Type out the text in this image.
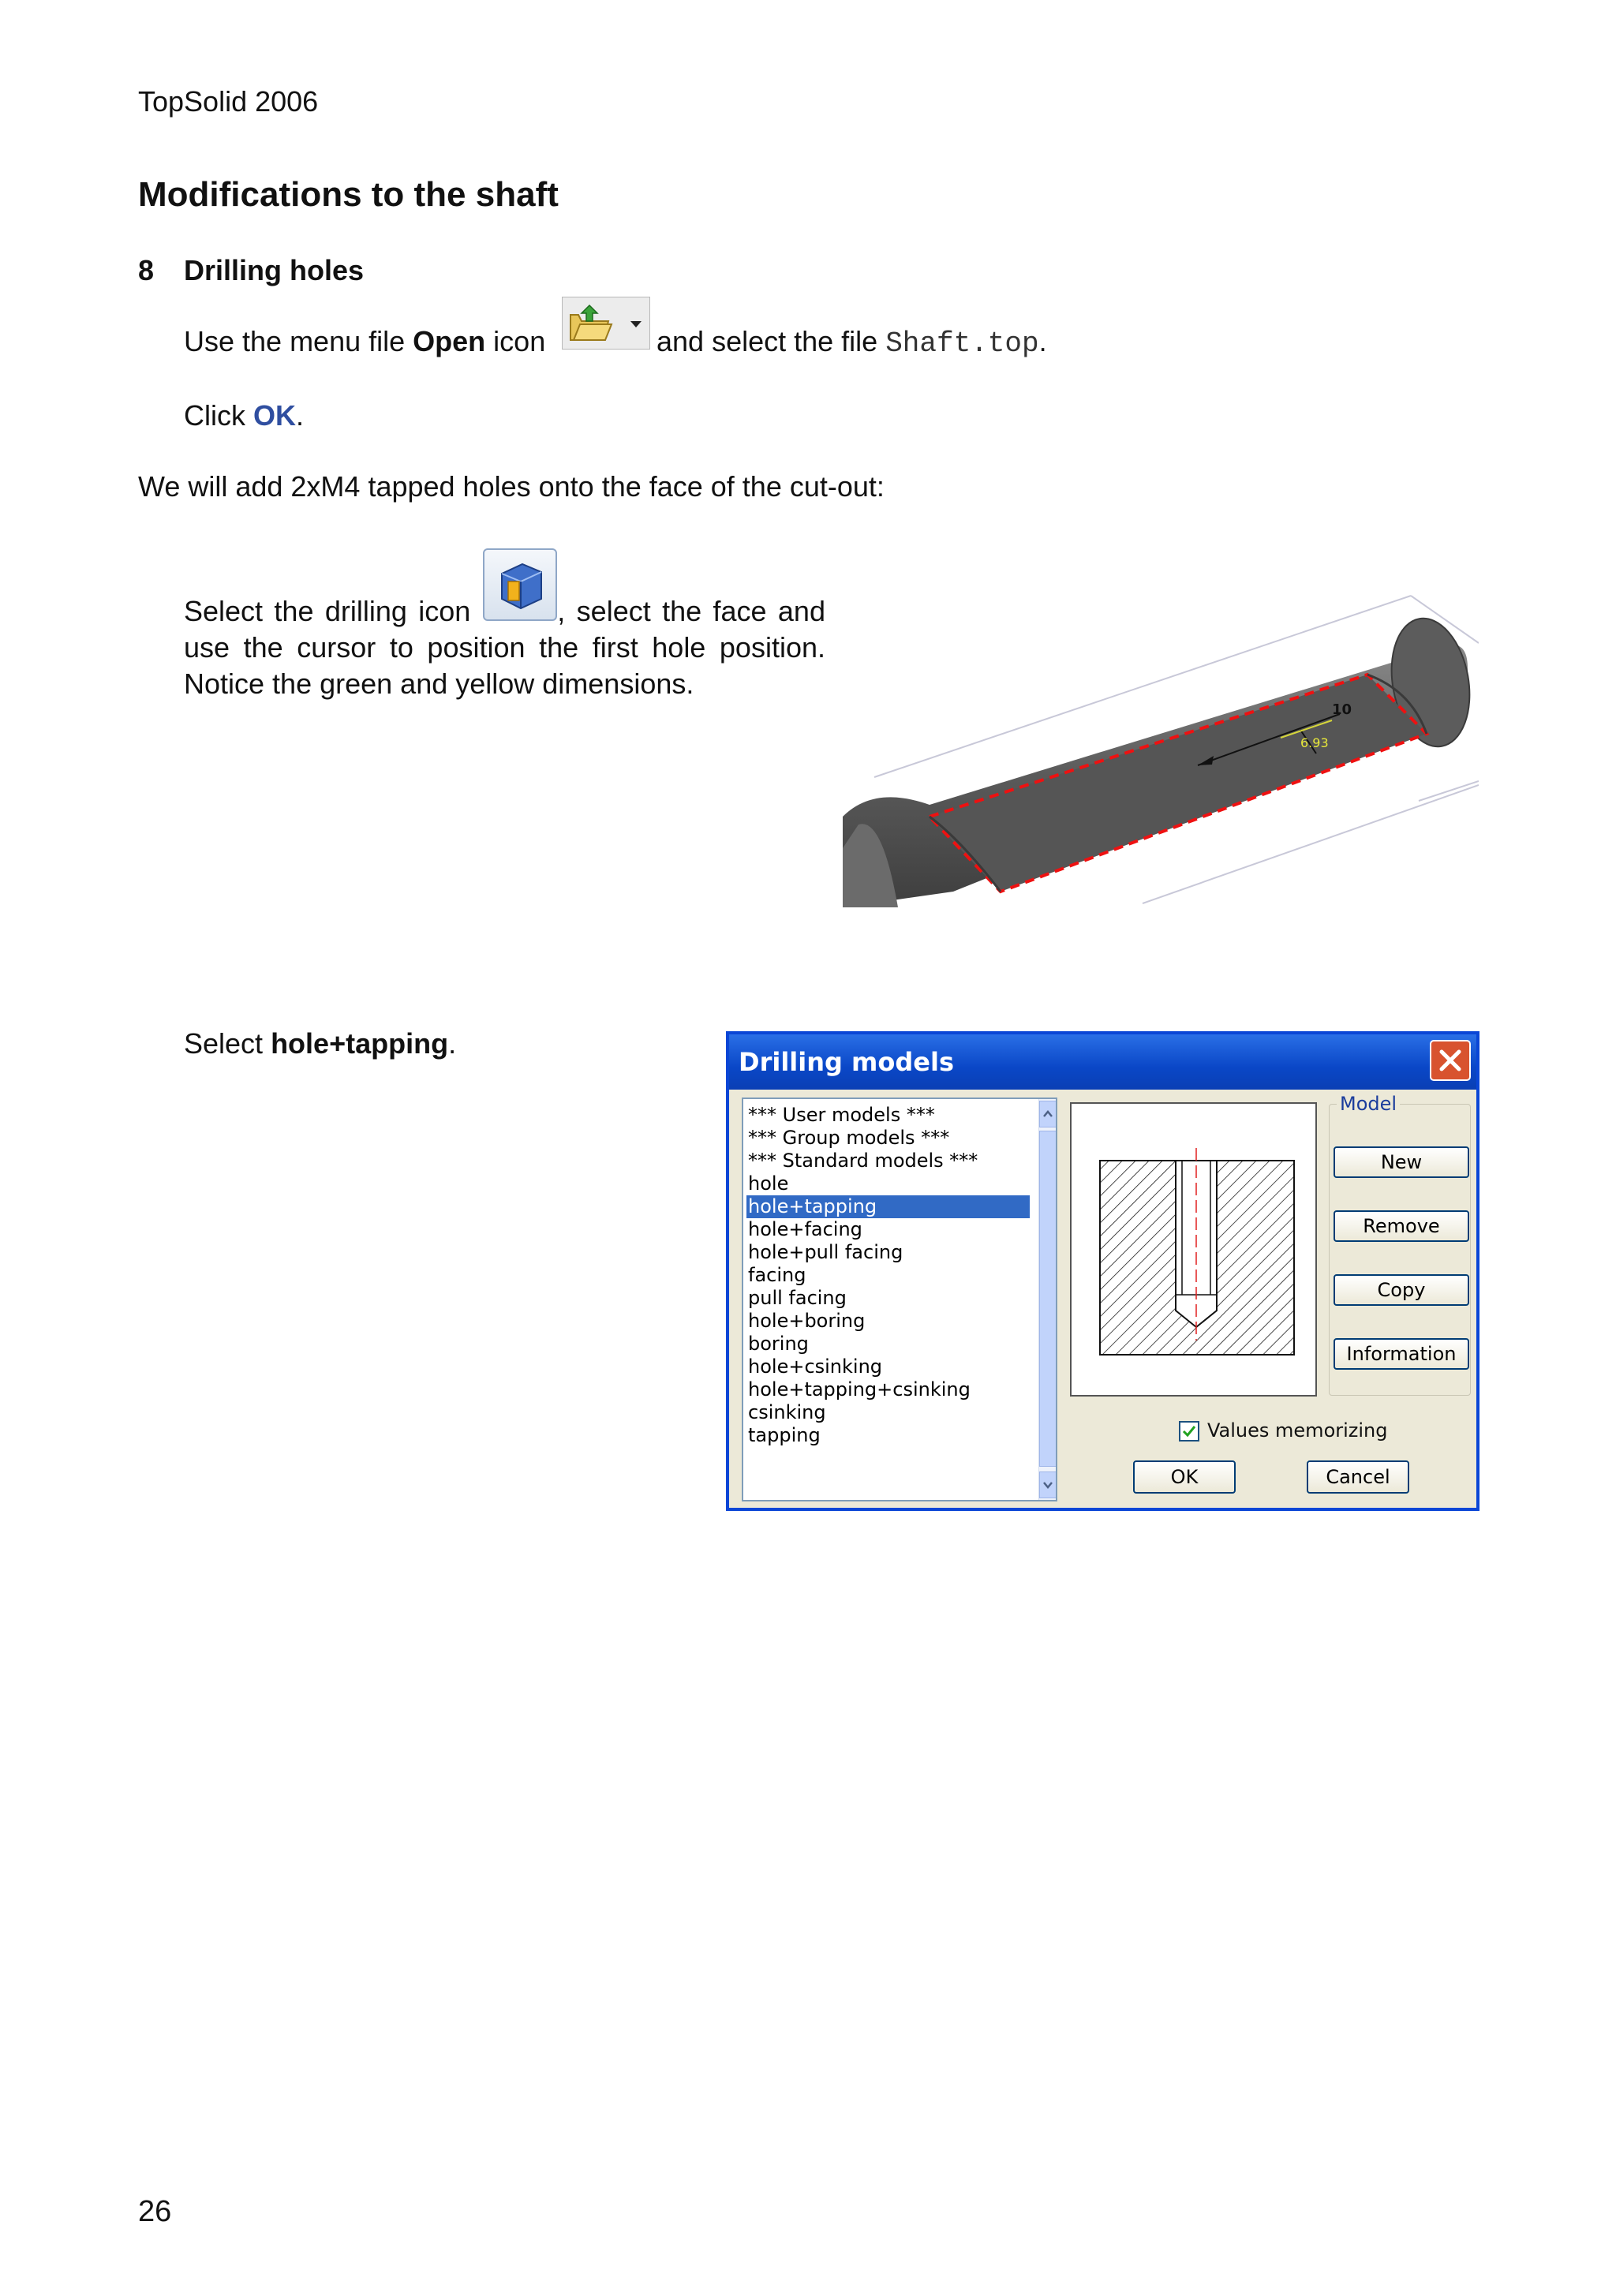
TopSolid 2006
Modifications to the shaft
8 Drilling holes
Use the menu file Open icon	and select the file Shaft.top.
Click OK.
We will add 2xM4 tapped holes onto the face of the cut-out:
Select the drilling icon	, select the face and
use the cursor to position the first hole position.
Notice the green and yellow dimensions.
10
6.93
Select hole+tapping.
Drilling models
*** User models ***
*** Group models ***
*** Standard models ***
hole
hole+tapping
hole+facing
hole+pull facing
facing
pull facing
hole+boring
boring
hole+csinking
hole+tapping+csinking
csinking
tapping
Model
New
Remove
Copy
Information
Values memorizing
OK	Cancel
26
